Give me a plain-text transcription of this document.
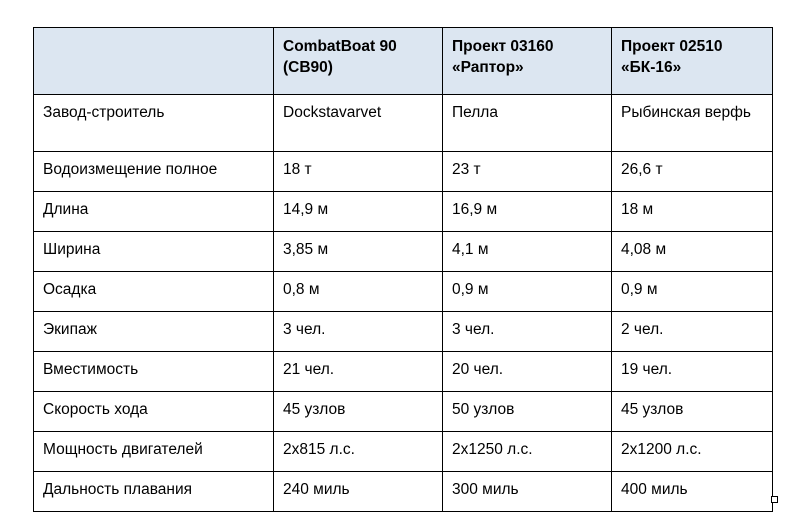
	CombatBoat 90 (CB90)	Проект 03160 «Раптор»	Проект 02510 «БК-16»
Завод-строитель	Dockstavarvet	Пелла	Рыбинская верфь
Водоизмещение полное	18 т	23 т	26,6 т
Длина	14,9 м	16,9 м	18 м
Ширина	3,85 м	4,1 м	4,08 м
Осадка	0,8 м	0,9 м	0,9 м
Экипаж	3 чел.	3 чел.	2 чел.
Вместимость	21 чел.	20 чел.	19 чел.
Скорость хода	45 узлов	50 узлов	45 узлов
Мощность двигателей	2x815 л.с.	2x1250 л.с.	2x1200 л.с.
Дальность плавания	240 миль	300 миль	400 миль
